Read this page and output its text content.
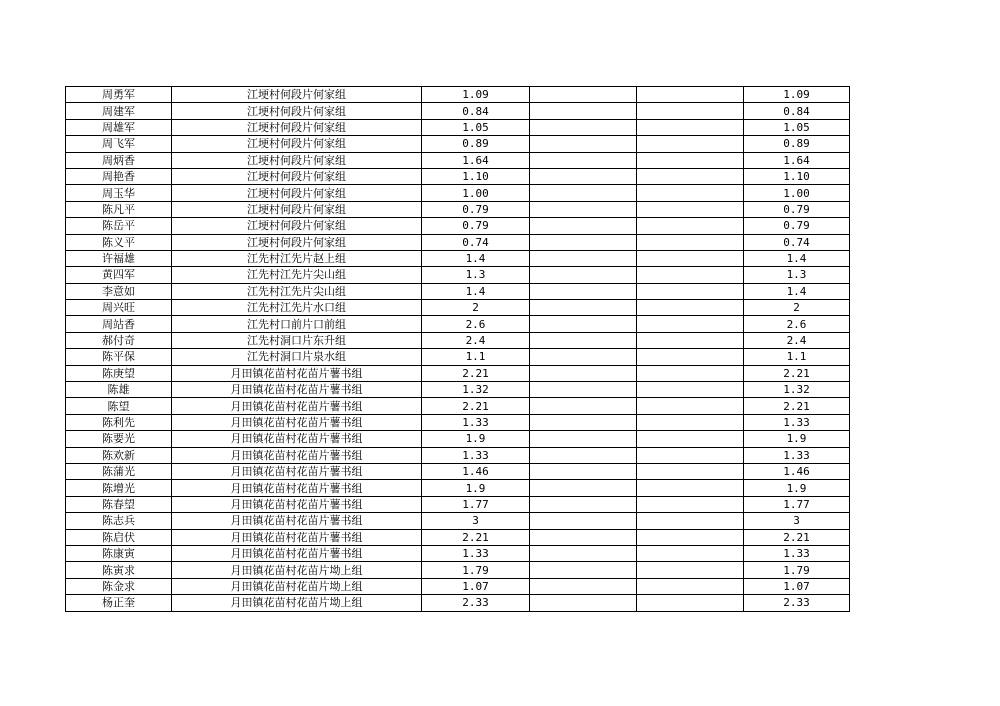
周勇军	江埂村何段片何家组	1.09			1.09
周建军	江埂村何段片何家组	0.84			0.84
周雄军	江埂村何段片何家组	1.05			1.05
周飞军	江埂村何段片何家组	0.89			0.89
周炳香	江埂村何段片何家组	1.64			1.64
周艳香	江埂村何段片何家组	1.10			1.10
周玉华	江埂村何段片何家组	1.00			1.00
陈凡平	江埂村何段片何家组	0.79			0.79
陈岳平	江埂村何段片何家组	0.79			0.79
陈义平	江埂村何段片何家组	0.74			0.74
许福雄	江先村江先片赵上组	1.4			1.4
黄四军	江先村江先片尖山组	1.3			1.3
李意如	江先村江先片尖山组	1.4			1.4
周兴旺	江先村江先片水口组	2			2
周站香	江先村口前片口前组	2.6			2.6
郝付奇	江先村洞口片东升组	2.4			2.4
陈平保	江先村洞口片泉水组	1.1			1.1
陈庚望	月田镇花苗村花苗片薯书组	2.21			2.21
陈雄	月田镇花苗村花苗片薯书组	1.32			1.32
陈望	月田镇花苗村花苗片薯书组	2.21			2.21
陈利先	月田镇花苗村花苗片薯书组	1.33			1.33
陈要光	月田镇花苗村花苗片薯书组	1.9			1.9
陈欢新	月田镇花苗村花苗片薯书组	1.33			1.33
陈蒲光	月田镇花苗村花苗片薯书组	1.46			1.46
陈增光	月田镇花苗村花苗片薯书组	1.9			1.9
陈春望	月田镇花苗村花苗片薯书组	1.77			1.77
陈志兵	月田镇花苗村花苗片薯书组	3			3
陈启伏	月田镇花苗村花苗片薯书组	2.21			2.21
陈康寅	月田镇花苗村花苗片薯书组	1.33			1.33
陈寅求	月田镇花苗村花苗片坳上组	1.79			1.79
陈金求	月田镇花苗村花苗片坳上组	1.07			1.07
杨正奎	月田镇花苗村花苗片坳上组	2.33			2.33
